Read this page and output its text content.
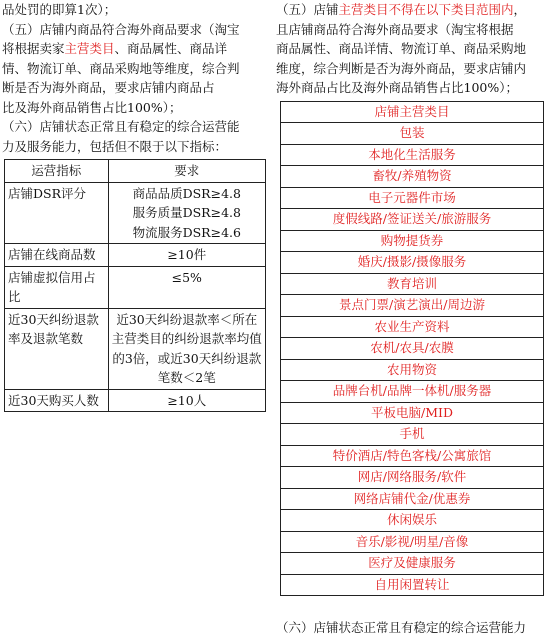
品处罚的即算1次）；
（五）店铺内商品符合海外商品要求（淘宝
将根据卖家主营类目、商品属性、商品详
情、物流订单、商品采购地等维度，综合判
断是否为海外商品，要求店铺内商品占
比及海外商品销售占比100%）；
（六）店铺状态正常且有稳定的综合运营能
力及服务能力，包括但不限于以下指标：
运营指标	要求
店铺DSR评分	商品品质DSR≥4.8
服务质量DSR≥4.8
物流服务DSR≥4.6

店铺在线商品数	≥10件
店铺虚拟信用占比	≤5%
近30天纠纷退款率及退款笔数	近30天纠纷退款率＜所在主营类目的纠纷退款率均值的3倍，或近30天纠纷退款笔数＜2笔
近30天购买人数	≥10人
（五）店铺主营类目不得在以下类目范围内，
且店铺商品符合海外商品要求（淘宝将根据
商品属性、商品详情、物流订单、商品采购地
维度，综合判断是否为海外商品，要求店铺内
海外商品占比及海外商品销售占比100%）；
店铺主营类目
包装
本地化生活服务
畜牧/养殖物资
电子元器件市场
度假线路/签证送关/旅游服务
购物提货券
婚庆/摄影/摄像服务
教育培训
景点门票/演艺演出/周边游
农业生产资料
农机/农具/农膜
农用物资
品牌台机/品牌一体机/服务器
平板电脑/MID
手机
特价酒店/特色客栈/公寓旅馆
网店/网络服务/软件
网络店铺代金/优惠券
休闲娱乐
音乐/影视/明星/音像
医疗及健康服务
自用闲置转让
（六）店铺状态正常且有稳定的综合运营能力
